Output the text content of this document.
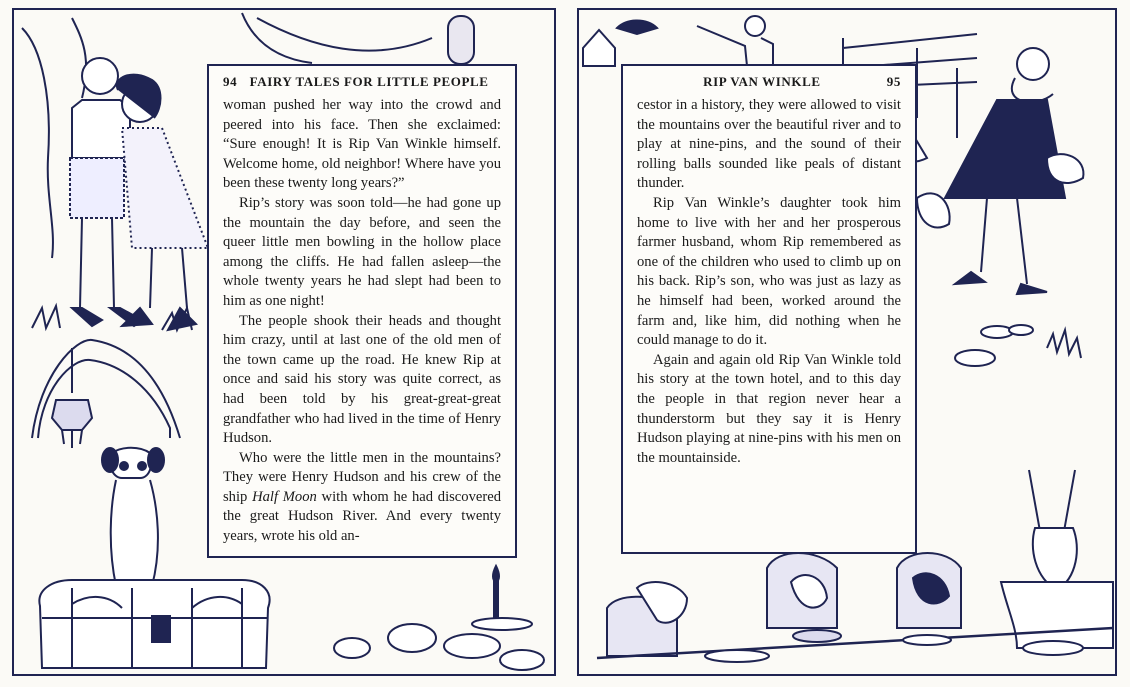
94 FAIRY TALES FOR LITTLE PEOPLE

woman pushed her way into the crowd and peered into his face. Then she exclaimed: “Sure enough! It is Rip Van Winkle himself. Welcome home, old neighbor! Where have you been these twenty long years?”

Rip’s story was soon told—he had gone up the mountain the day before, and seen the queer little men bowling in the hollow place among the cliffs. He had fallen asleep—the whole twenty years he had slept had been to him as one night!

The people shook their heads and thought him crazy, until at last one of the old men of the town came up the road. He knew Rip at once and said his story was quite correct, as had been told by his great-great-great grandfather who had lived in the time of Henry Hudson.

Who were the little men in the mountains? They were Henry Hudson and his crew of the ship Half Moon with whom he had discovered the great Hudson River. And every twenty years, wrote his old an-

RIP VAN WINKLE	95

cestor in a history, they were allowed to visit the mountains over the beautiful river and to play at nine-pins, and the sound of their rolling balls sounded like peals of distant thunder.

Rip Van Winkle’s daughter took him home to live with her and her prosperous farmer husband, whom Rip remembered as one of the children who used to climb up on his back. Rip’s son, who was just as lazy as he himself had been, worked around the farm and, like him, did nothing when he could manage to do it.

Again and again old Rip Van Winkle told his story at the town hotel, and to this day the people in that region never hear a thunderstorm but they say it is Henry Hudson playing at nine-pins with his men on the mountainside.
